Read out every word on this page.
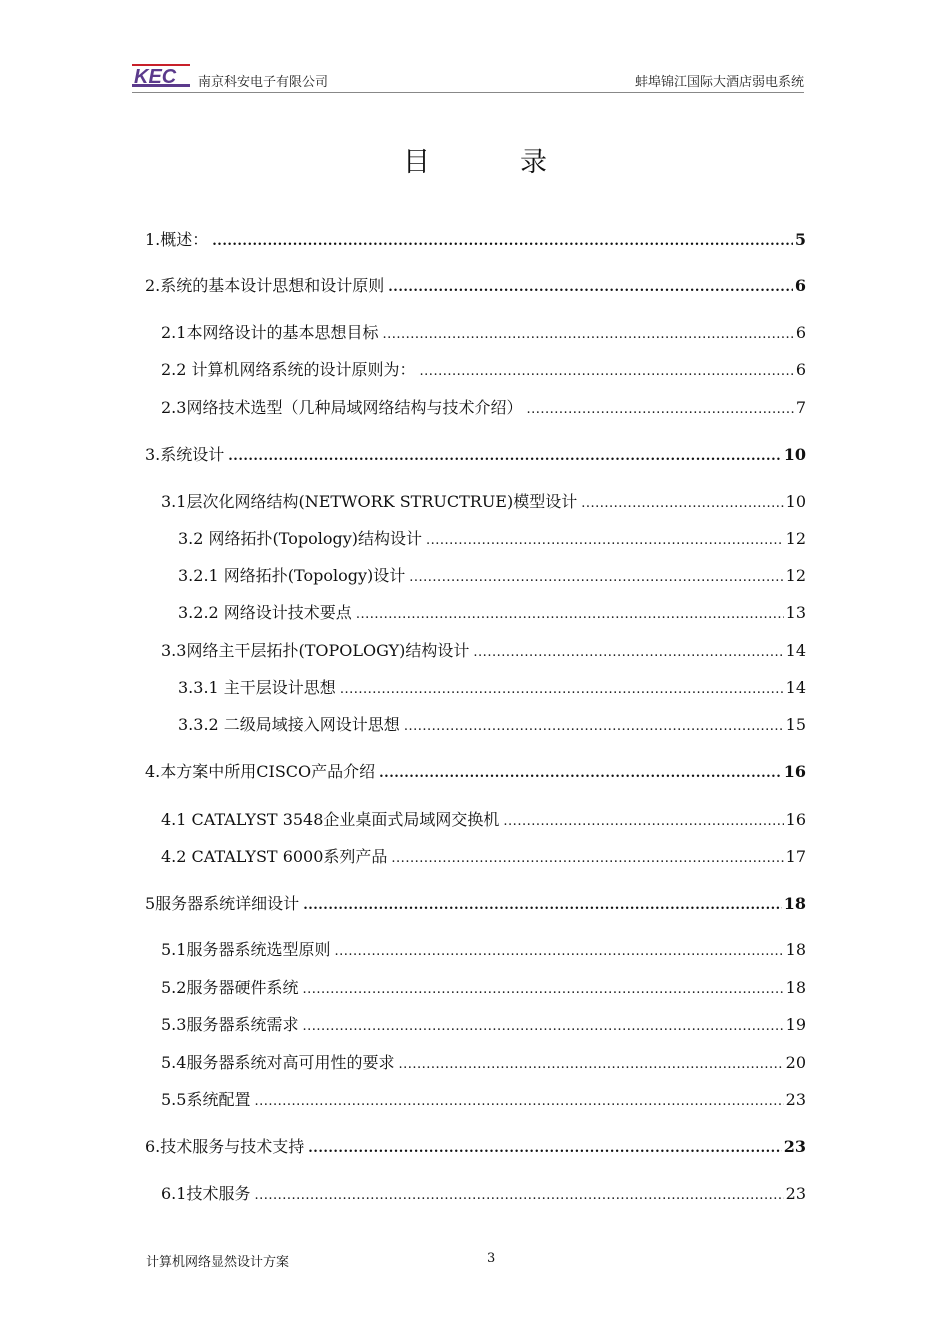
KEC 南京科安电子有限公司	蚌埠锦江国际大酒店弱电系统
目录
1.概述： .....	5
2.系统的基本设计思想和设计原则 .....	6
2.1本网络设计的基本思想目标 .....	6
2.2 计算机网络系统的设计原则为： .....	6
2.3网络技术选型（几种局域网络结构与技术介绍） .....	7
3.系统设计 .....	10
3.1层次化网络结构(NETWORK STRUCTRUE)模型设计 .....	10
3.2 网络拓扑(Topology)结构设计 .....	12
3.2.1 网络拓扑(Topology)设计 .....	12
3.2.2 网络设计技术要点 .....	13
3.3网络主干层拓扑(TOPOLOGY)结构设计 .....	14
3.3.1 主干层设计思想 .....	14
3.3.2 二级局域接入网设计思想 .....	15
4.本方案中所用CISCO产品介绍 .....	16
4.1 CATALYST 3548企业桌面式局域网交换机 .....	16
4.2 CATALYST 6000系列产品 .....	17
5服务器系统详细设计 .....	18
5.1服务器系统选型原则 .....	18
5.2服务器硬件系统 .....	18
5.3服务器系统需求 .....	19
5.4服务器系统对高可用性的要求 .....	20
5.5系统配置 .....	23
6.技术服务与技术支持 .....	23
6.1技术服务 .....	23
计算机网络显然设计方案	3
